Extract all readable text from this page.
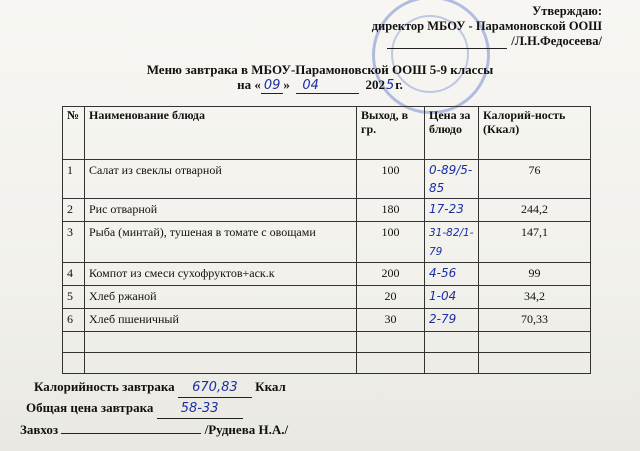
Утверждаю:
директор МБОУ - Парамоновской ООШ
/Л.Н.Федосеева/
Меню завтрака в МБОУ-Парамоновской ООШ 5-9 классы
на « 09 » 04	2025г.
№	Наименование блюда	Выход, в гр.	Цена за блюдо	Калорий-ность (Ккал)
1	Салат из свеклы отварной	100	0-89/5-85	76
2	Рис отварной	180	17-23	244,2
3	Рыба (минтай), тушеная в томате с овощами	100	31-82/1-79	147,1
4	Компот из смеси сухофруктов+аск.к	200	4-56	99
5	Хлеб ржаной	20	1-04	34,2
6	Хлеб пшеничный	30	2-79	70,33

Калорийность завтрака 670,83 Ккал
Общая цена завтрака 58-33
Завхоз	/Руднева Н.А./
